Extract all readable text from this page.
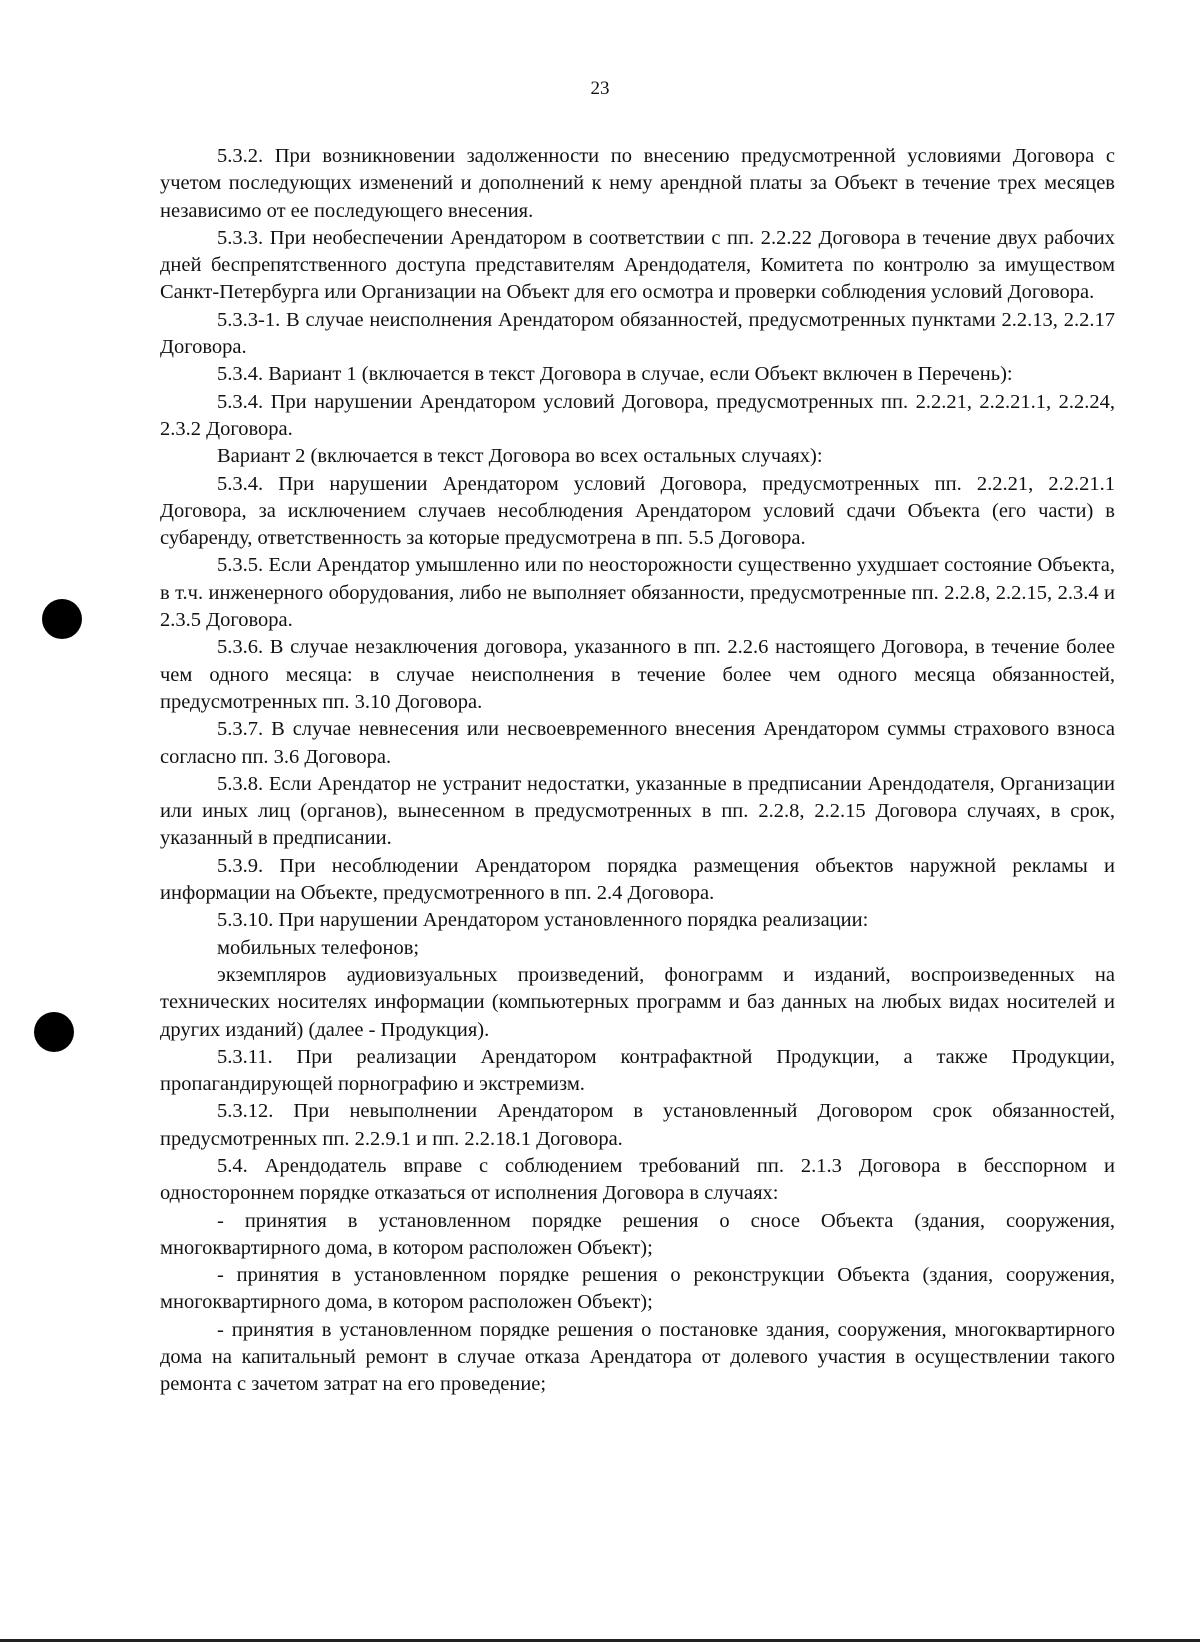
23

5.3.2. При возникновении задолженности по внесению предусмотренной условиями Договора с учетом последующих изменений и дополнений к нему арендной платы за Объект в течение трех месяцев независимо от ее последующего внесения.

5.3.3. При необеспечении Арендатором в соответствии с пп. 2.2.22 Договора в течение двух рабочих дней беспрепятственного доступа представителям Арендодателя, Комитета по контролю за имуществом Санкт-Петербурга или Организации на Объект для его осмотра и проверки соблюдения условий Договора.

5.3.3-1. В случае неисполнения Арендатором обязанностей, предусмотренных пунктами 2.2.13, 2.2.17 Договора.

5.3.4. Вариант 1 (включается в текст Договора в случае, если Объект включен в Перечень):

5.3.4. При нарушении Арендатором условий Договора, предусмотренных пп. 2.2.21, 2.2.21.1, 2.2.24, 2.3.2 Договора.

Вариант 2 (включается в текст Договора во всех остальных случаях):

5.3.4. При нарушении Арендатором условий Договора, предусмотренных пп. 2.2.21, 2.2.21.1 Договора, за исключением случаев несоблюдения Арендатором условий сдачи Объекта (его части) в субаренду, ответственность за которые предусмотрена в пп. 5.5 Договора.

5.3.5. Если Арендатор умышленно или по неосторожности существенно ухудшает состояние Объекта, в т.ч. инженерного оборудования, либо не выполняет обязанности, предусмотренные пп. 2.2.8, 2.2.15, 2.3.4 и 2.3.5 Договора.

5.3.6. В случае незаключения договора, указанного в пп. 2.2.6 настоящего Договора, в течение более чем одного месяца: в случае неисполнения в течение более чем одного месяца обязанностей, предусмотренных пп. 3.10 Договора.

5.3.7. В случае невнесения или несвоевременного внесения Арендатором суммы страхового взноса согласно пп. 3.6 Договора.

5.3.8. Если Арендатор не устранит недостатки, указанные в предписании Арендодателя, Организации или иных лиц (органов), вынесенном в предусмотренных в пп. 2.2.8, 2.2.15 Договора случаях, в срок, указанный в предписании.

5.3.9. При несоблюдении Арендатором порядка размещения объектов наружной рекламы и информации на Объекте, предусмотренного в пп. 2.4 Договора.

5.3.10. При нарушении Арендатором установленного порядка реализации:

мобильных телефонов;

экземпляров аудиовизуальных произведений, фонограмм и изданий, воспроизведенных на технических носителях информации (компьютерных программ и баз данных на любых видах носителей и других изданий) (далее - Продукция).

5.3.11. При реализации Арендатором контрафактной Продукции, а также Продукции, пропагандирующей порнографию и экстремизм.

5.3.12. При невыполнении Арендатором в установленный Договором срок обязанностей, предусмотренных пп. 2.2.9.1 и пп. 2.2.18.1 Договора.

5.4. Арендодатель вправе с соблюдением требований пп. 2.1.3 Договора в бесспорном и одностороннем порядке отказаться от исполнения Договора в случаях:

- принятия в установленном порядке решения о сносе Объекта (здания, сооружения, многоквартирного дома, в котором расположен Объект);

- принятия в установленном порядке решения о реконструкции Объекта (здания, сооружения, многоквартирного дома, в котором расположен Объект);

- принятия в установленном порядке решения о постановке здания, сооружения, многоквартирного дома на капитальный ремонт в случае отказа Арендатора от долевого участия в осуществлении такого ремонта с зачетом затрат на его проведение;
